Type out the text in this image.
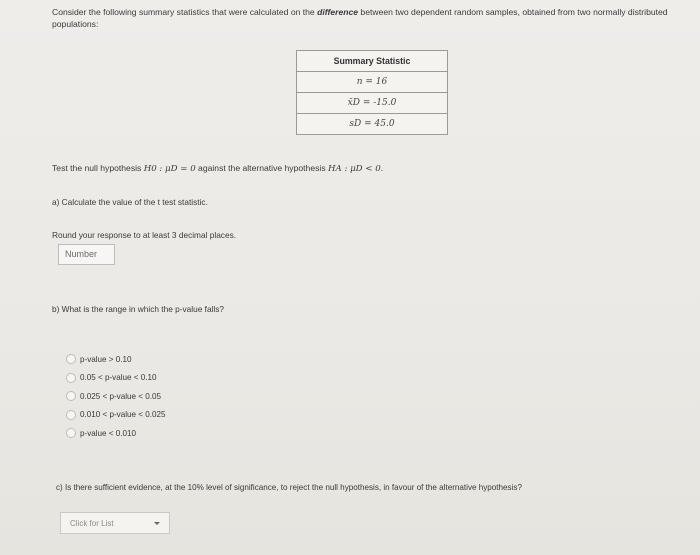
Consider the following summary statistics that were calculated on the difference between two dependent random samples, obtained from two normally distributed populations:
Summary Statistic
n = 16
x̄D = -15.0
sD = 45.0
Test the null hypothesis H0 : μD = 0 against the alternative hypothesis HA : μD < 0.
a) Calculate the value of the t test statistic.
Round your response to at least 3 decimal places.
Number
b) What is the range in which the p-value falls?
p-value > 0.10
0.05 < p-value < 0.10
0.025 < p-value < 0.05
0.010 < p-value < 0.025
p-value < 0.010
c) Is there sufficient evidence, at the 10% level of significance, to reject the null hypothesis, in favour of the alternative hypothesis?
Click for List
